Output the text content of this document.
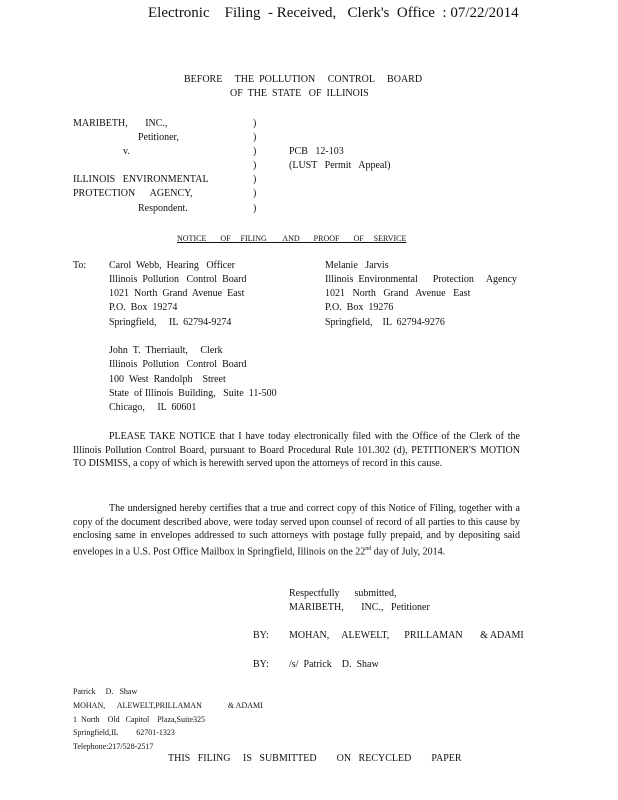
Electronic    Filing  - Received,   Clerk's  Office  : 07/22/2014
BEFORE     THE  POLLUTION     CONTROL     BOARD
OF  THE  STATE   OF  ILLINOIS
MARIBETH,       INC.,
Petitioner,
v.
ILLINOIS   ENVIRONMENTAL
PROTECTION      AGENCY,
Respondent.
)
)
)
)
)
)
)
PCB   12-103
(LUST   Permit   Appeal)
NOTICE       OF     FILING        AND       PROOF       OF     SERVICE
To: Carol  Webb,  Hearing   Officer
Illinois  Pollution   Control  Board
1021  North  Grand  Avenue  East
P.O.  Box  19274
Springfield,     IL  62794-9274
Melanie   Jarvis
Illinois  Environmental      Protection     Agency
1021   North   Grand   Avenue   East
P.O.  Box  19276
Springfield,    IL  62794-9276
John  T.  Therriault,     Clerk
Illinois  Pollution   Control  Board
100  West  Randolph    Street
State  of Illinois  Building,   Suite  11-500
Chicago,     IL  60601
PLEASE TAKE NOTICE that I have today electronically filed with the Office of the Clerk of the Illinois Pollution Control Board, pursuant to Board Procedural Rule 101.302 (d), PETITIONER'S MOTION TO DISMISS, a copy of which is herewith served upon the attorneys of record in this cause.
The undersigned hereby certifies that a true and correct copy of this Notice of Filing, together with a copy of the document described above, were today served upon counsel of record of all parties to this cause by enclosing same in envelopes addressed to such attorneys with postage fully prepaid, and by depositing said envelopes in a U.S. Post Office Mailbox in Springfield, Illinois on the 22nd day of July, 2014.
Respectfully      submitted,
MARIBETH,       INC.,   Petitioner
BY: MOHAN,     ALEWELT,      PRILLAMAN       & ADAMI
BY: /s/  Patrick    D.  Shaw
Patrick     D.   Shaw
MOHAN,      ALEWELT,PRILLAMAN             & ADAMI
1  North    Old   Capitol    Plaza,Suite325
Springfield,IL         62701-1323
Telephone:217/528-2517
THIS   FILING     IS   SUBMITTED        ON   RECYCLED        PAPER
